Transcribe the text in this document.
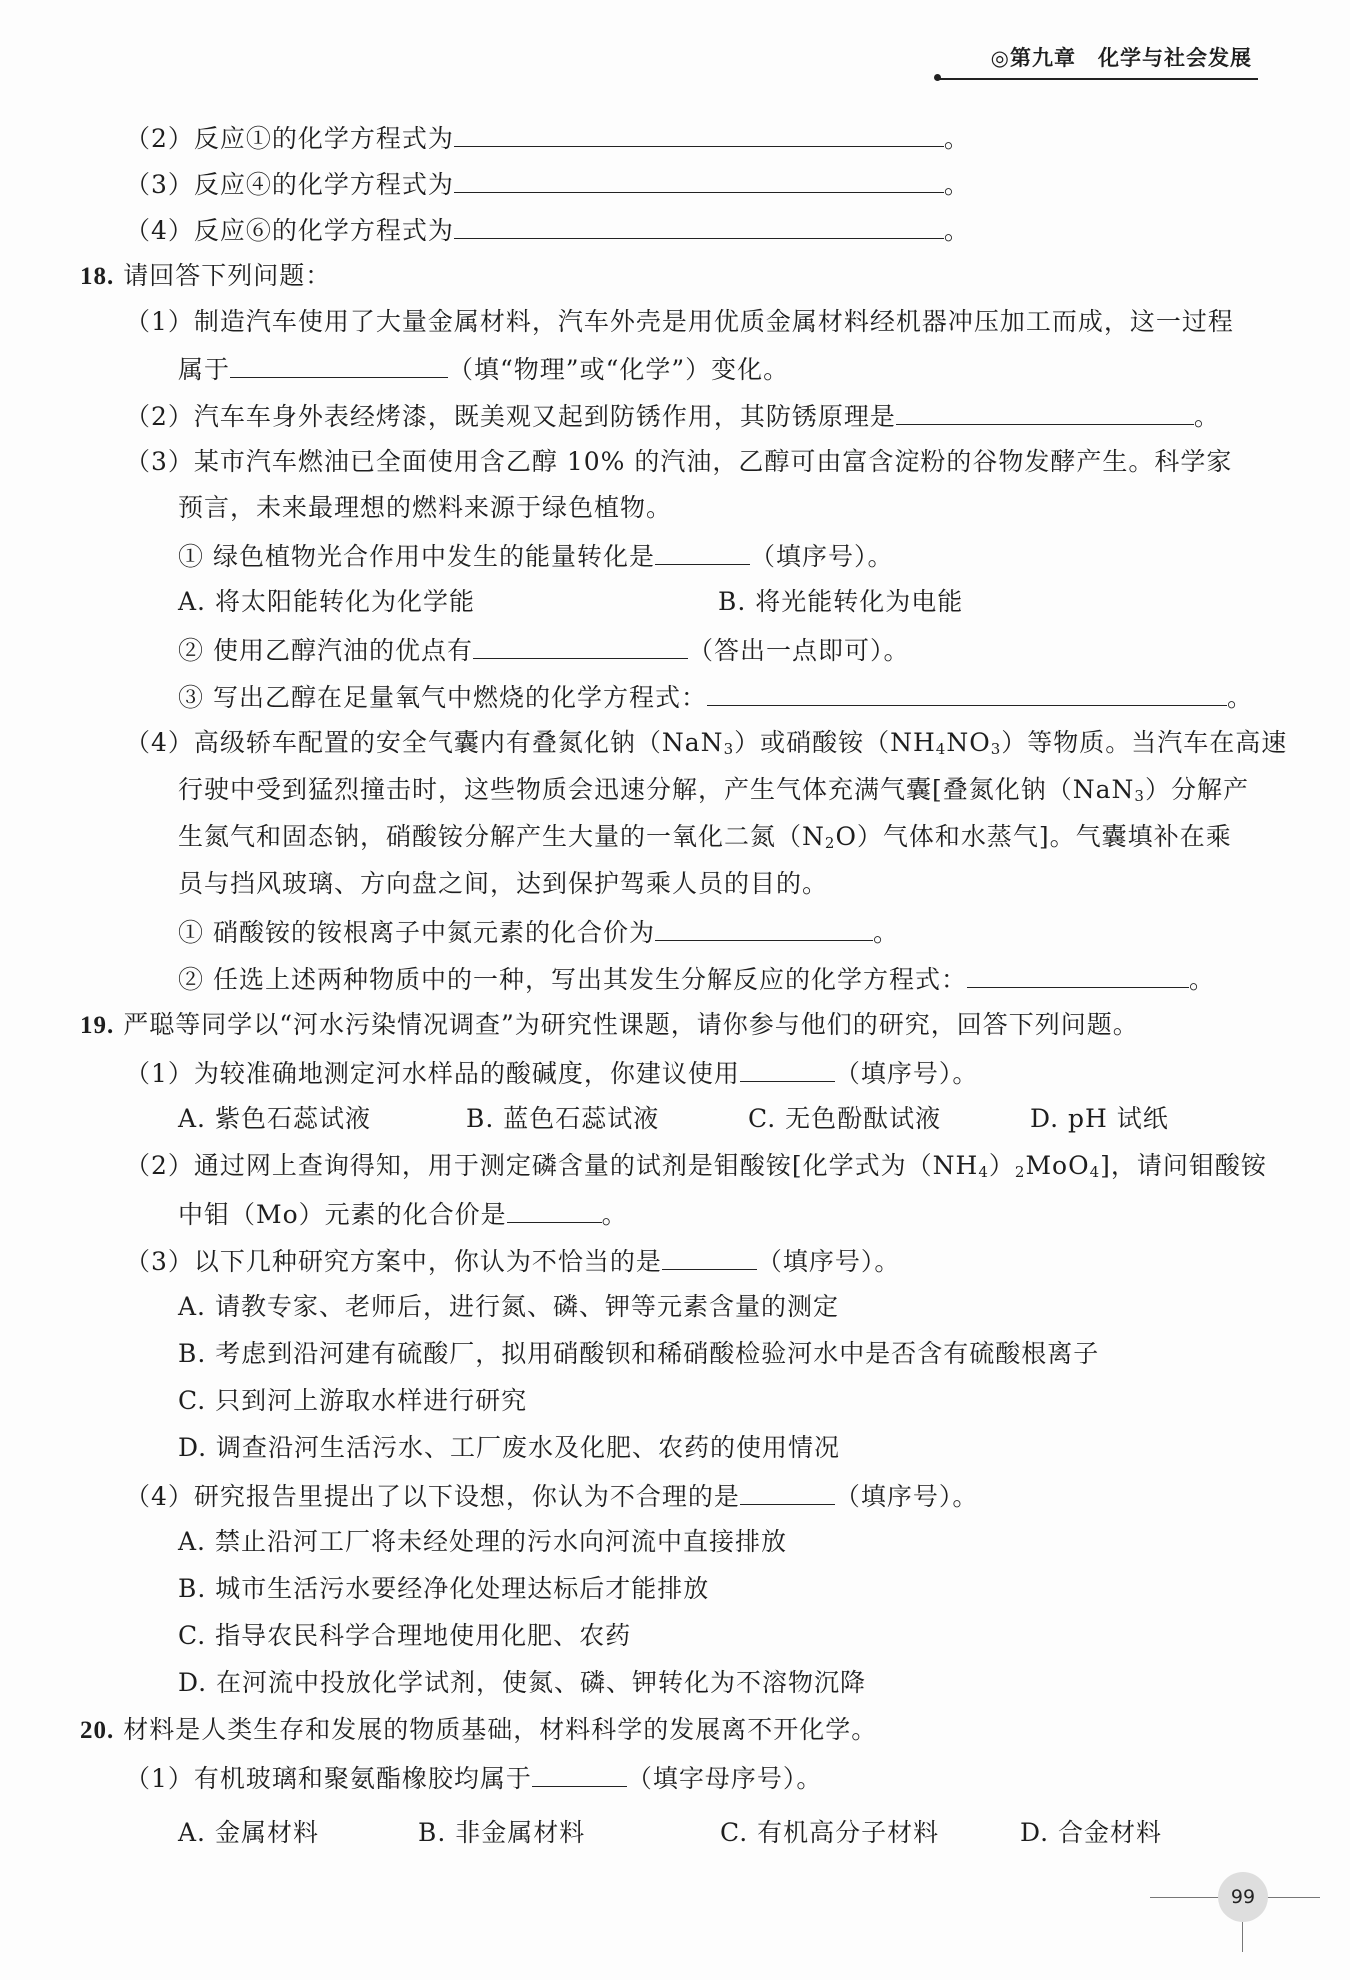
◎第九章　化学与社会发展
（2）反应①的化学方程式为	。
（3）反应④的化学方程式为	。
（4）反应⑥的化学方程式为	。
18. 请回答下列问题：
（1）制造汽车使用了大量金属材料，汽车外壳是用优质金属材料经机器冲压加工而成，这一过程
属于	（填“物理”或“化学”）变化。
（2）汽车车身外表经烤漆，既美观又起到防锈作用，其防锈原理是	。
（3）某市汽车燃油已全面使用含乙醇 10% 的汽油，乙醇可由富含淀粉的谷物发酵产生。科学家
预言，未来最理想的燃料来源于绿色植物。
① 绿色植物光合作用中发生的能量转化是	（填序号）。
A. 将太阳能转化为化学能	B. 将光能转化为电能
② 使用乙醇汽油的优点有	（答出一点即可）。
③ 写出乙醇在足量氧气中燃烧的化学方程式：	。
（4）高级轿车配置的安全气囊内有叠氮化钠（NaN$_3$）或硝酸铵$(NH_4NO_3)$等物质。当汽车在高速
行驶中受到猛烈撞击时，这些物质会迅速分解，产生气体充满气囊[叠氮化钠（NaN$_3$）分解产
生氮气和固态钠，硝酸铵分解产生大量的一氧化二氮$(N_2O)$气体和水蒸气]。气囊填补在乘
员与挡风玻璃、方向盘之间，达到保护驾乘人员的目的。
① 硝酸铵的铵根离子中氮元素的化合价为	。
② 任选上述两种物质中的一种，写出其发生分解反应的化学方程式：	。
19. 严聪等同学以“河水污染情况调查”为研究性课题，请你参与他们的研究，回答下列问题。
（1）为较准确地测定河水样品的酸碱度，你建议使用	（填序号）。
A. 紫色石蕊试液	B. 蓝色石蕊试液	C. 无色酚酞试液	D. pH 试纸
（2）通过网上查询得知，用于测定磷含量的试剂是钼酸铵[化学式为$(NH_4)_2MoO_4$]，请问钼酸铵
中钼（Mo）元素的化合价是	。
（3）以下几种研究方案中，你认为不恰当的是	（填序号）。
A. 请教专家、老师后，进行氮、磷、钾等元素含量的测定
B. 考虑到沿河建有硫酸厂，拟用硝酸钡和稀硝酸检验河水中是否含有硫酸根离子
C. 只到河上游取水样进行研究
D. 调查沿河生活污水、工厂废水及化肥、农药的使用情况
（4）研究报告里提出了以下设想，你认为不合理的是	（填序号）。
A. 禁止沿河工厂将未经处理的污水向河流中直接排放
B. 城市生活污水要经净化处理达标后才能排放
C. 指导农民科学合理地使用化肥、农药
D. 在河流中投放化学试剂，使氮、磷、钾转化为不溶物沉降
20. 材料是人类生存和发展的物质基础，材料科学的发展离不开化学。
（1）有机玻璃和聚氨酯橡胶均属于	（填字母序号）。
A. 金属材料	B. 非金属材料	C. 有机高分子材料	D. 合金材料
99
